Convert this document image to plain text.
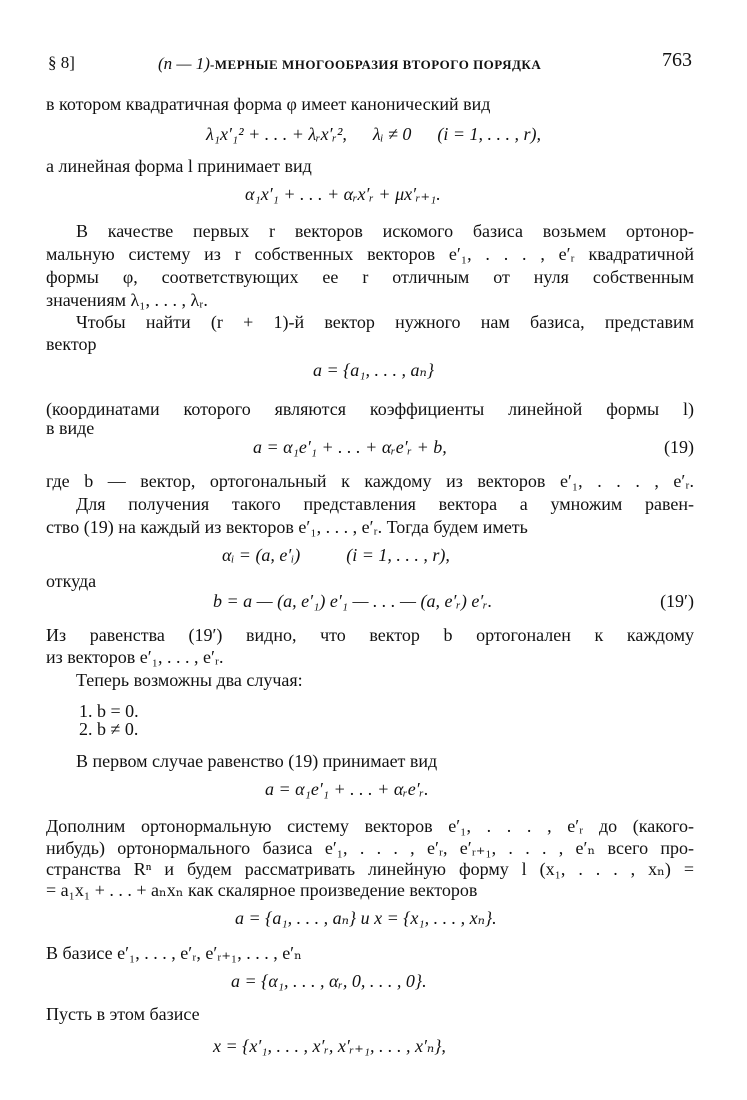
§ 8]	(n — 1)-МЕРНЫЕ МНОГООБРАЗИЯ ВТОРОГО ПОРЯДКА	763
в котором квадратичная форма φ имеет канонический вид
λ₁x′₁² + . . . + λᵣx′ᵣ², λᵢ ≠ 0 (i = 1, . . . , r),
а линейная форма l принимает вид
α₁x′₁ + . . . + αᵣx′ᵣ + μx′ᵣ₊₁.
В качестве первых r векторов искомого базиса возьмем ортонор-
мальную систему из r собственных векторов e′₁, . . . , e′ᵣ квадратичной
формы φ, соответствующих ее r отличным от нуля собственным
значениям λ₁, . . . , λᵣ.
Чтобы найти (r + 1)-й вектор нужного нам базиса, представим
вектор
a = {a₁, . . . , aₙ}
(координатами которого являются коэффициенты линейной формы l)
в виде
a = α₁e′₁ + . . . + αᵣe′ᵣ + b,	(19)
где b — вектор, ортогональный к каждому из векторов e′₁, . . . , e′ᵣ.
Для получения такого представления вектора a умножим равен-
ство (19) на каждый из векторов e′₁, . . . , e′ᵣ. Тогда будем иметь
αᵢ = (a, e′ᵢ)	(i = 1, . . . , r),
откуда
b = a — (a, e′₁) e′₁ — . . . — (a, e′ᵣ) e′ᵣ.	(19′)
Из равенства (19′) видно, что вектор b ортогонален к каждому
из векторов e′₁, . . . , e′ᵣ.
Теперь возможны два случая:
1. b = 0.
2. b ≠ 0.
В первом случае равенство (19) принимает вид
a = α₁e′₁ + . . . + αᵣe′ᵣ.
Дополним ортонормальную систему векторов e′₁, . . . , e′ᵣ до (какого-
нибудь) ортонормального базиса e′₁, . . . , e′ᵣ, e′ᵣ₊₁, . . . , e′ₙ всего про-
странства Rⁿ и будем рассматривать линейную форму l (x₁, . . . , xₙ) =
= a₁x₁ + . . . + aₙxₙ как скалярное произведение векторов
a = {a₁, . . . , aₙ} и x = {x₁, . . . , xₙ}.
В базисе e′₁, . . . , e′ᵣ, e′ᵣ₊₁, . . . , e′ₙ
a = {α₁, . . . , αᵣ, 0, . . . , 0}.
Пусть в этом базисе
x = {x′₁, . . . , x′ᵣ, x′ᵣ₊₁, . . . , x′ₙ},
